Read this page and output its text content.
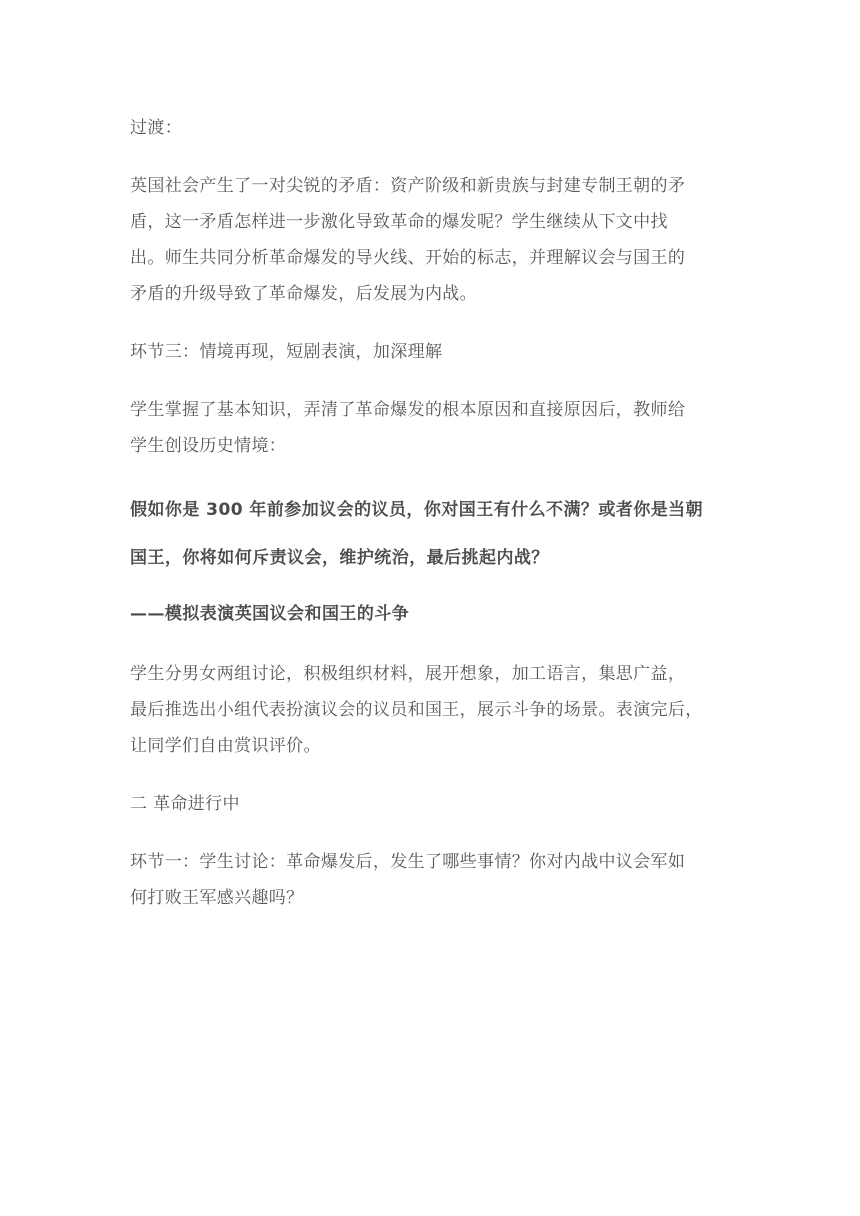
过渡：
英国社会产生了一对尖锐的矛盾：资产阶级和新贵族与封建专制王朝的矛
盾，这一矛盾怎样进一步激化导致革命的爆发呢？学生继续从下文中找
出。师生共同分析革命爆发的导火线、开始的标志，并理解议会与国王的
矛盾的升级导致了革命爆发，后发展为内战。
环节三：情境再现，短剧表演，加深理解
学生掌握了基本知识，弄清了革命爆发的根本原因和直接原因后，教师给
学生创设历史情境：
假如你是 300 年前参加议会的议员，你对国王有什么不满？或者你是当朝
国王，你将如何斥责议会，维护统治，最后挑起内战？
——模拟表演英国议会和国王的斗争
学生分男女两组讨论，积极组织材料，展开想象，加工语言，集思广益，
最后推选出小组代表扮演议会的议员和国王，展示斗争的场景。表演完后，
让同学们自由赏识评价。
二 革命进行中
环节一：学生讨论：革命爆发后，发生了哪些事情？你对内战中议会军如
何打败王军感兴趣吗？
